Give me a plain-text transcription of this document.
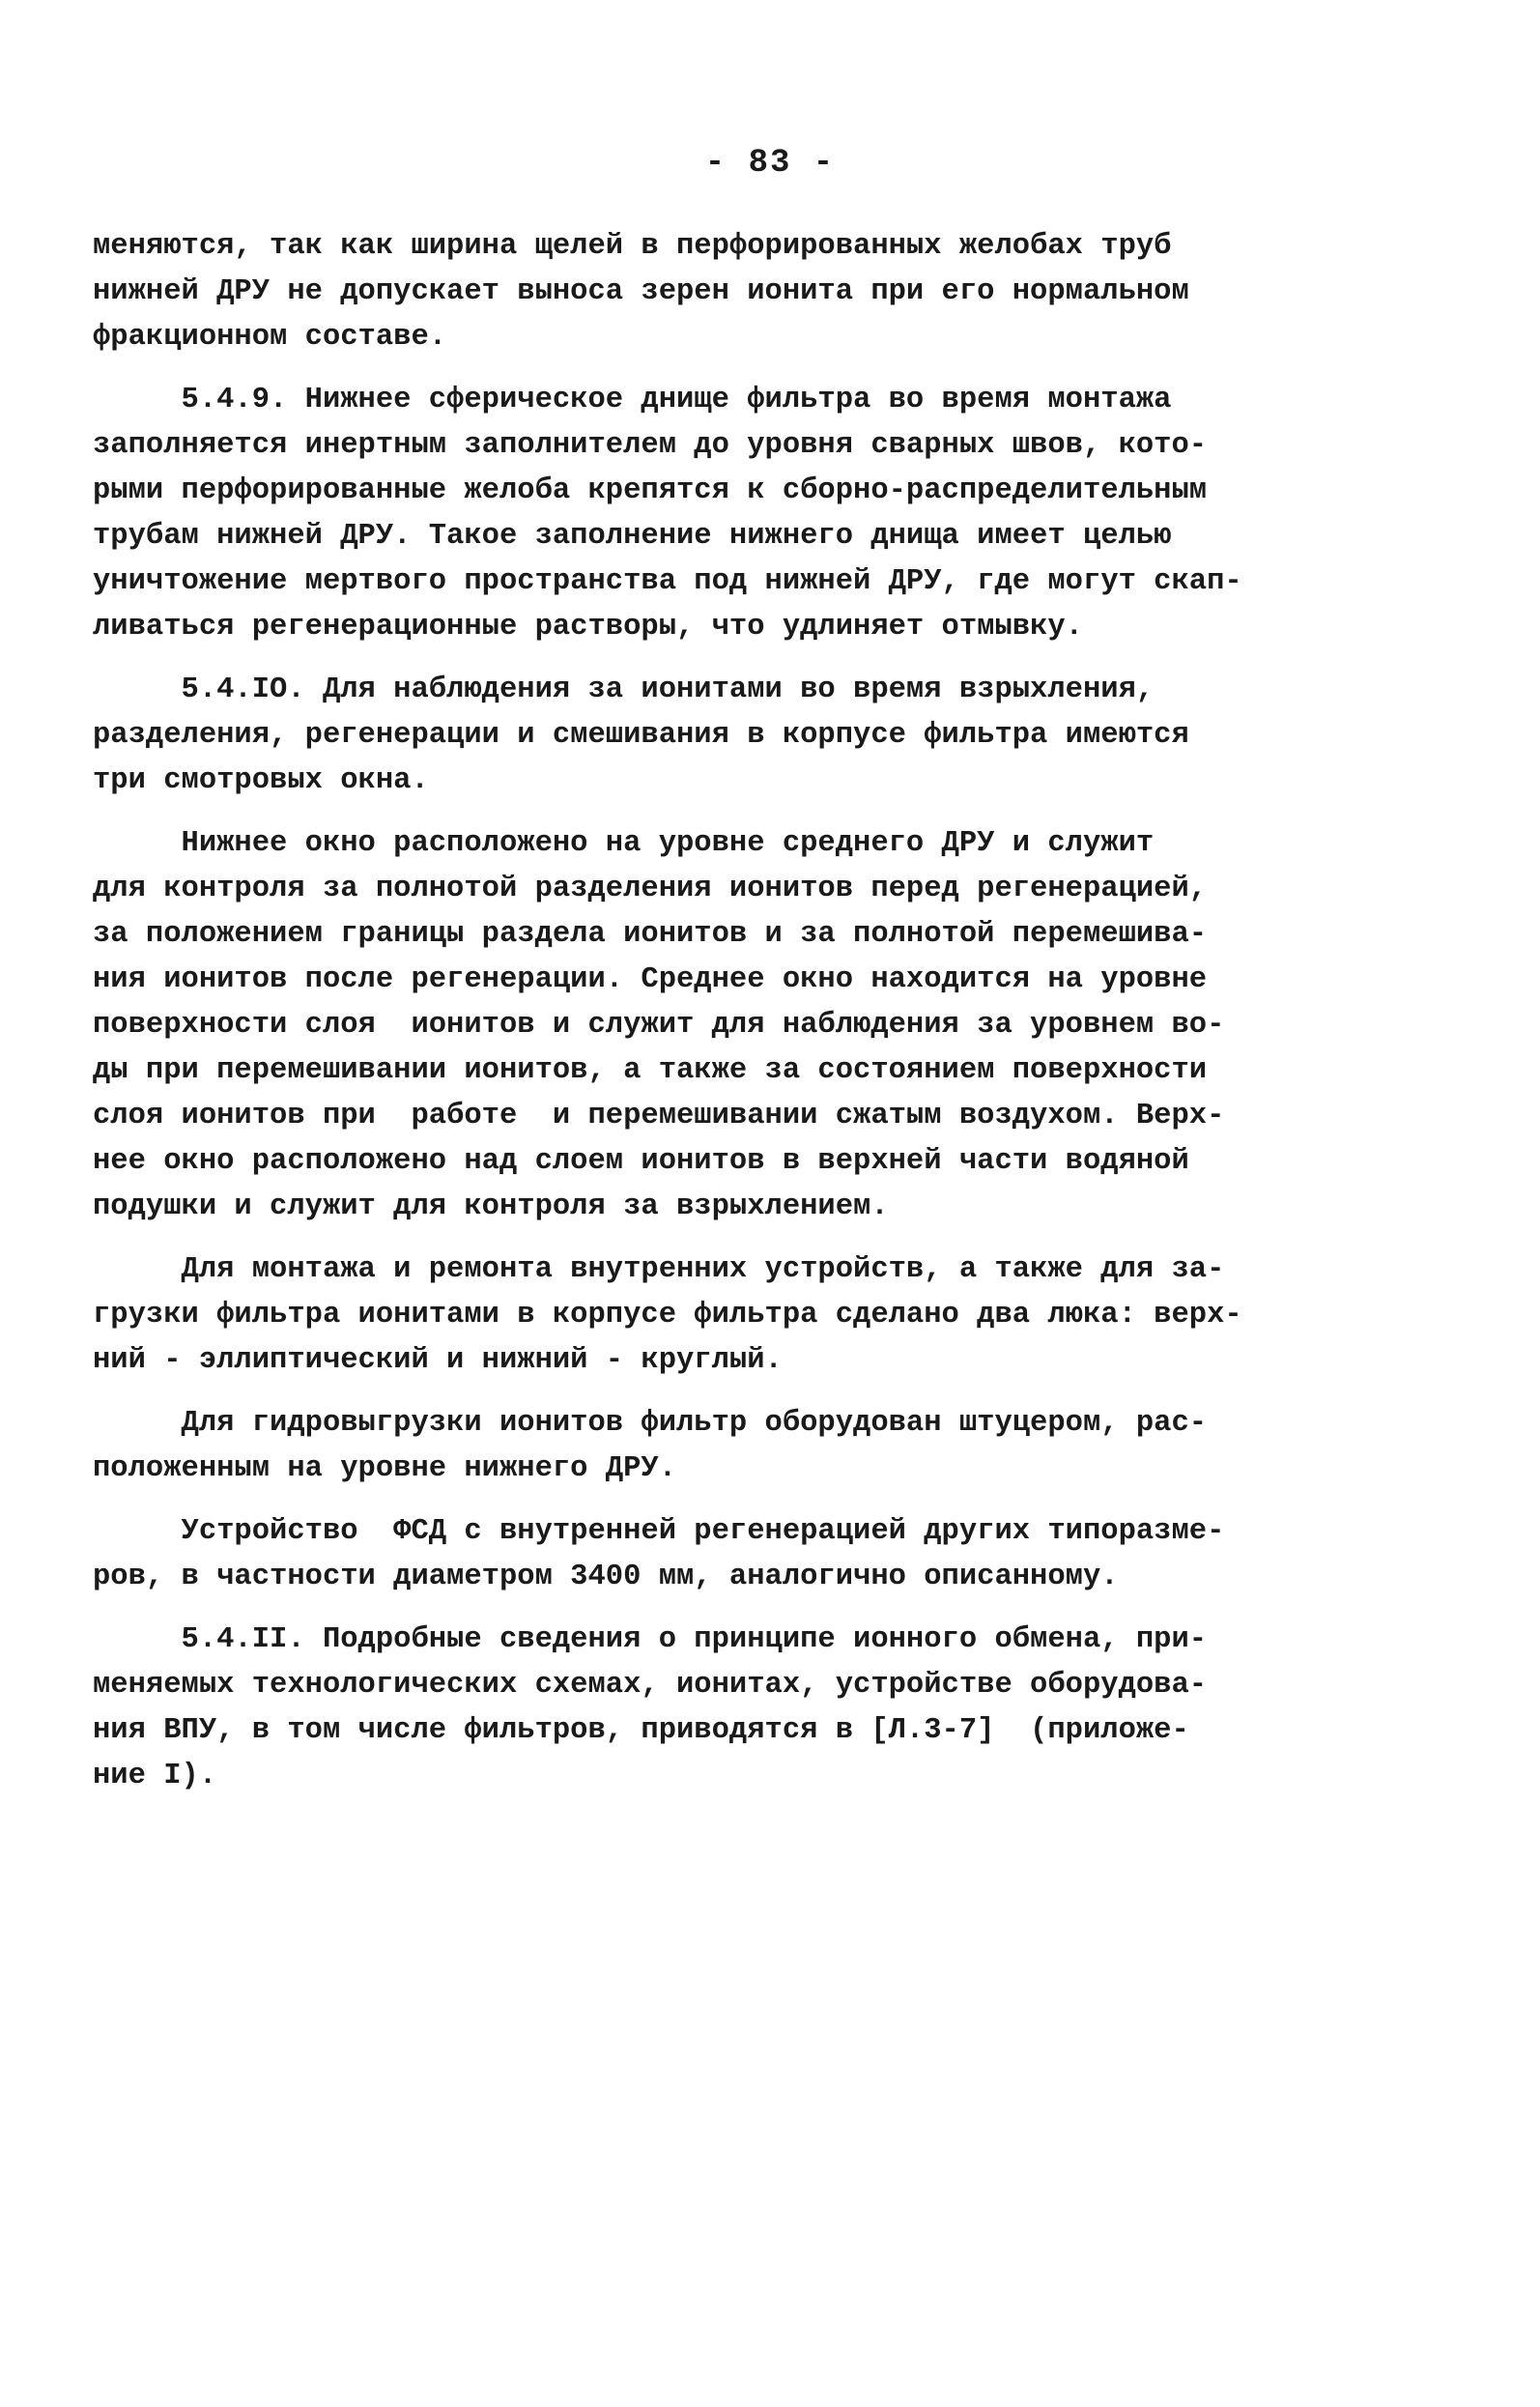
- 83 -
меняются, так как ширина щелей в перфорированных желобах труб
нижней ДРУ не допускает выноса зерен ионита при его нормальном
фракционном составе.
5.4.9. Нижнее сферическое днище фильтра во время монтажа
заполняется инертным заполнителем до уровня сварных швов, кото-
рыми перфорированные желоба крепятся к сборно-распределительным
трубам нижней ДРУ. Такое заполнение нижнего днища имеет целью
уничтожение мертвого пространства под нижней ДРУ, где могут скап-
ливаться регенерационные растворы, что удлиняет отмывку.
5.4.IO. Для наблюдения за ионитами во время взрыхления,
разделения, регенерации и смешивания в корпусе фильтра имеются
три смотровых окна.
Нижнее окно расположено на уровне среднего ДРУ и служит
для контроля за полнотой разделения ионитов перед регенерацией,
за положением границы раздела ионитов и за полнотой перемешива-
ния ионитов после регенерации. Среднее окно находится на уровне
поверхности слоя  ионитов и служит для наблюдения за уровнем во-
ды при перемешивании ионитов, а также за состоянием поверхности
слоя ионитов при  работе  и перемешивании сжатым воздухом. Верх-
нее окно расположено над слоем ионитов в верхней части водяной
подушки и служит для контроля за взрыхлением.
Для монтажа и ремонта внутренних устройств, а также для за-
грузки фильтра ионитами в корпусе фильтра сделано два люка: верх-
ний - эллиптический и нижний - круглый.
Для гидровыгрузки ионитов фильтр оборудован штуцером, рас-
положенным на уровне нижнего ДРУ.
Устройство  ФСД с внутренней регенерацией других типоразме-
ров, в частности диаметром 3400 мм, аналогично описанному.
5.4.II. Подробные сведения о принципе ионного обмена, при-
меняемых технологических схемах, ионитах, устройстве оборудова-
ния ВПУ, в том числе фильтров, приводятся в [Л.3-7]  (приложе-
ние I).
